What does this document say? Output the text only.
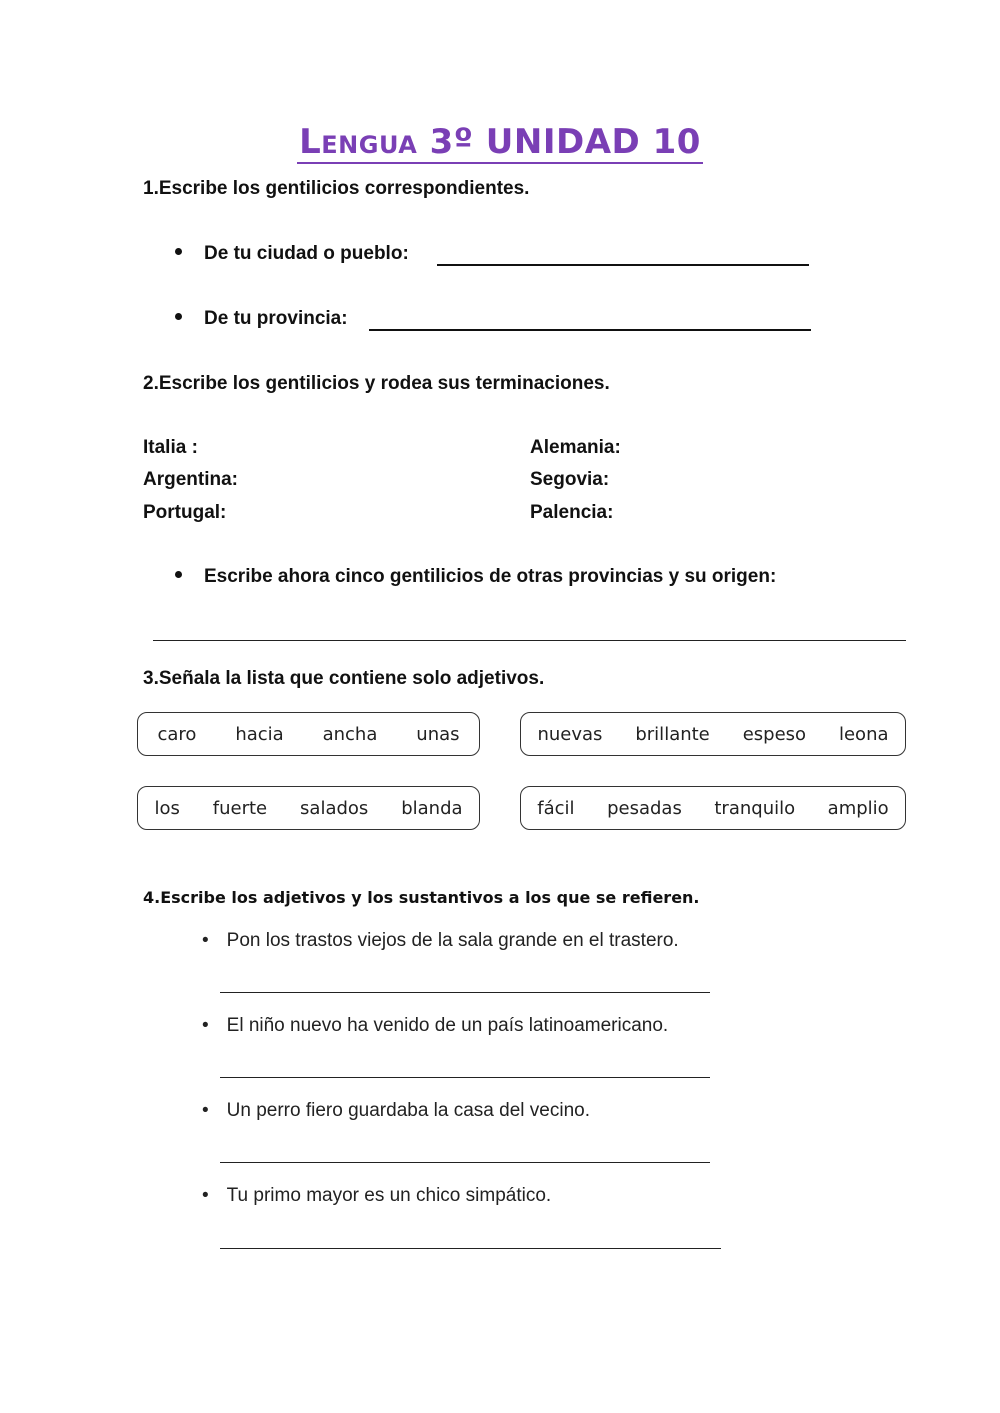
Lengua 3º UNIDAD 10
1.Escribe los gentilicios correspondientes.
De tu ciudad o pueblo:
De tu provincia:
2.Escribe los gentilicios y rodea sus terminaciones.
Italia :
Argentina:
Portugal:
Alemania:
Segovia:
Palencia:
Escribe ahora cinco gentilicios de otras provincias y su origen:
3.Señala la lista que contiene solo adjetivos.
caro hacia ancha unas	nuevas brillante espeso leona
los fuerte salados blanda	fácil pesadas tranquilo amplio
4.Escribe los adjetivos y los sustantivos a los que se refieren.
• Pon los trastos viejos de la sala grande en el trastero.
• El niño nuevo ha venido de un país latinoamericano.
• Un perro fiero guardaba la casa del vecino.
• Tu primo mayor es un chico simpático.
